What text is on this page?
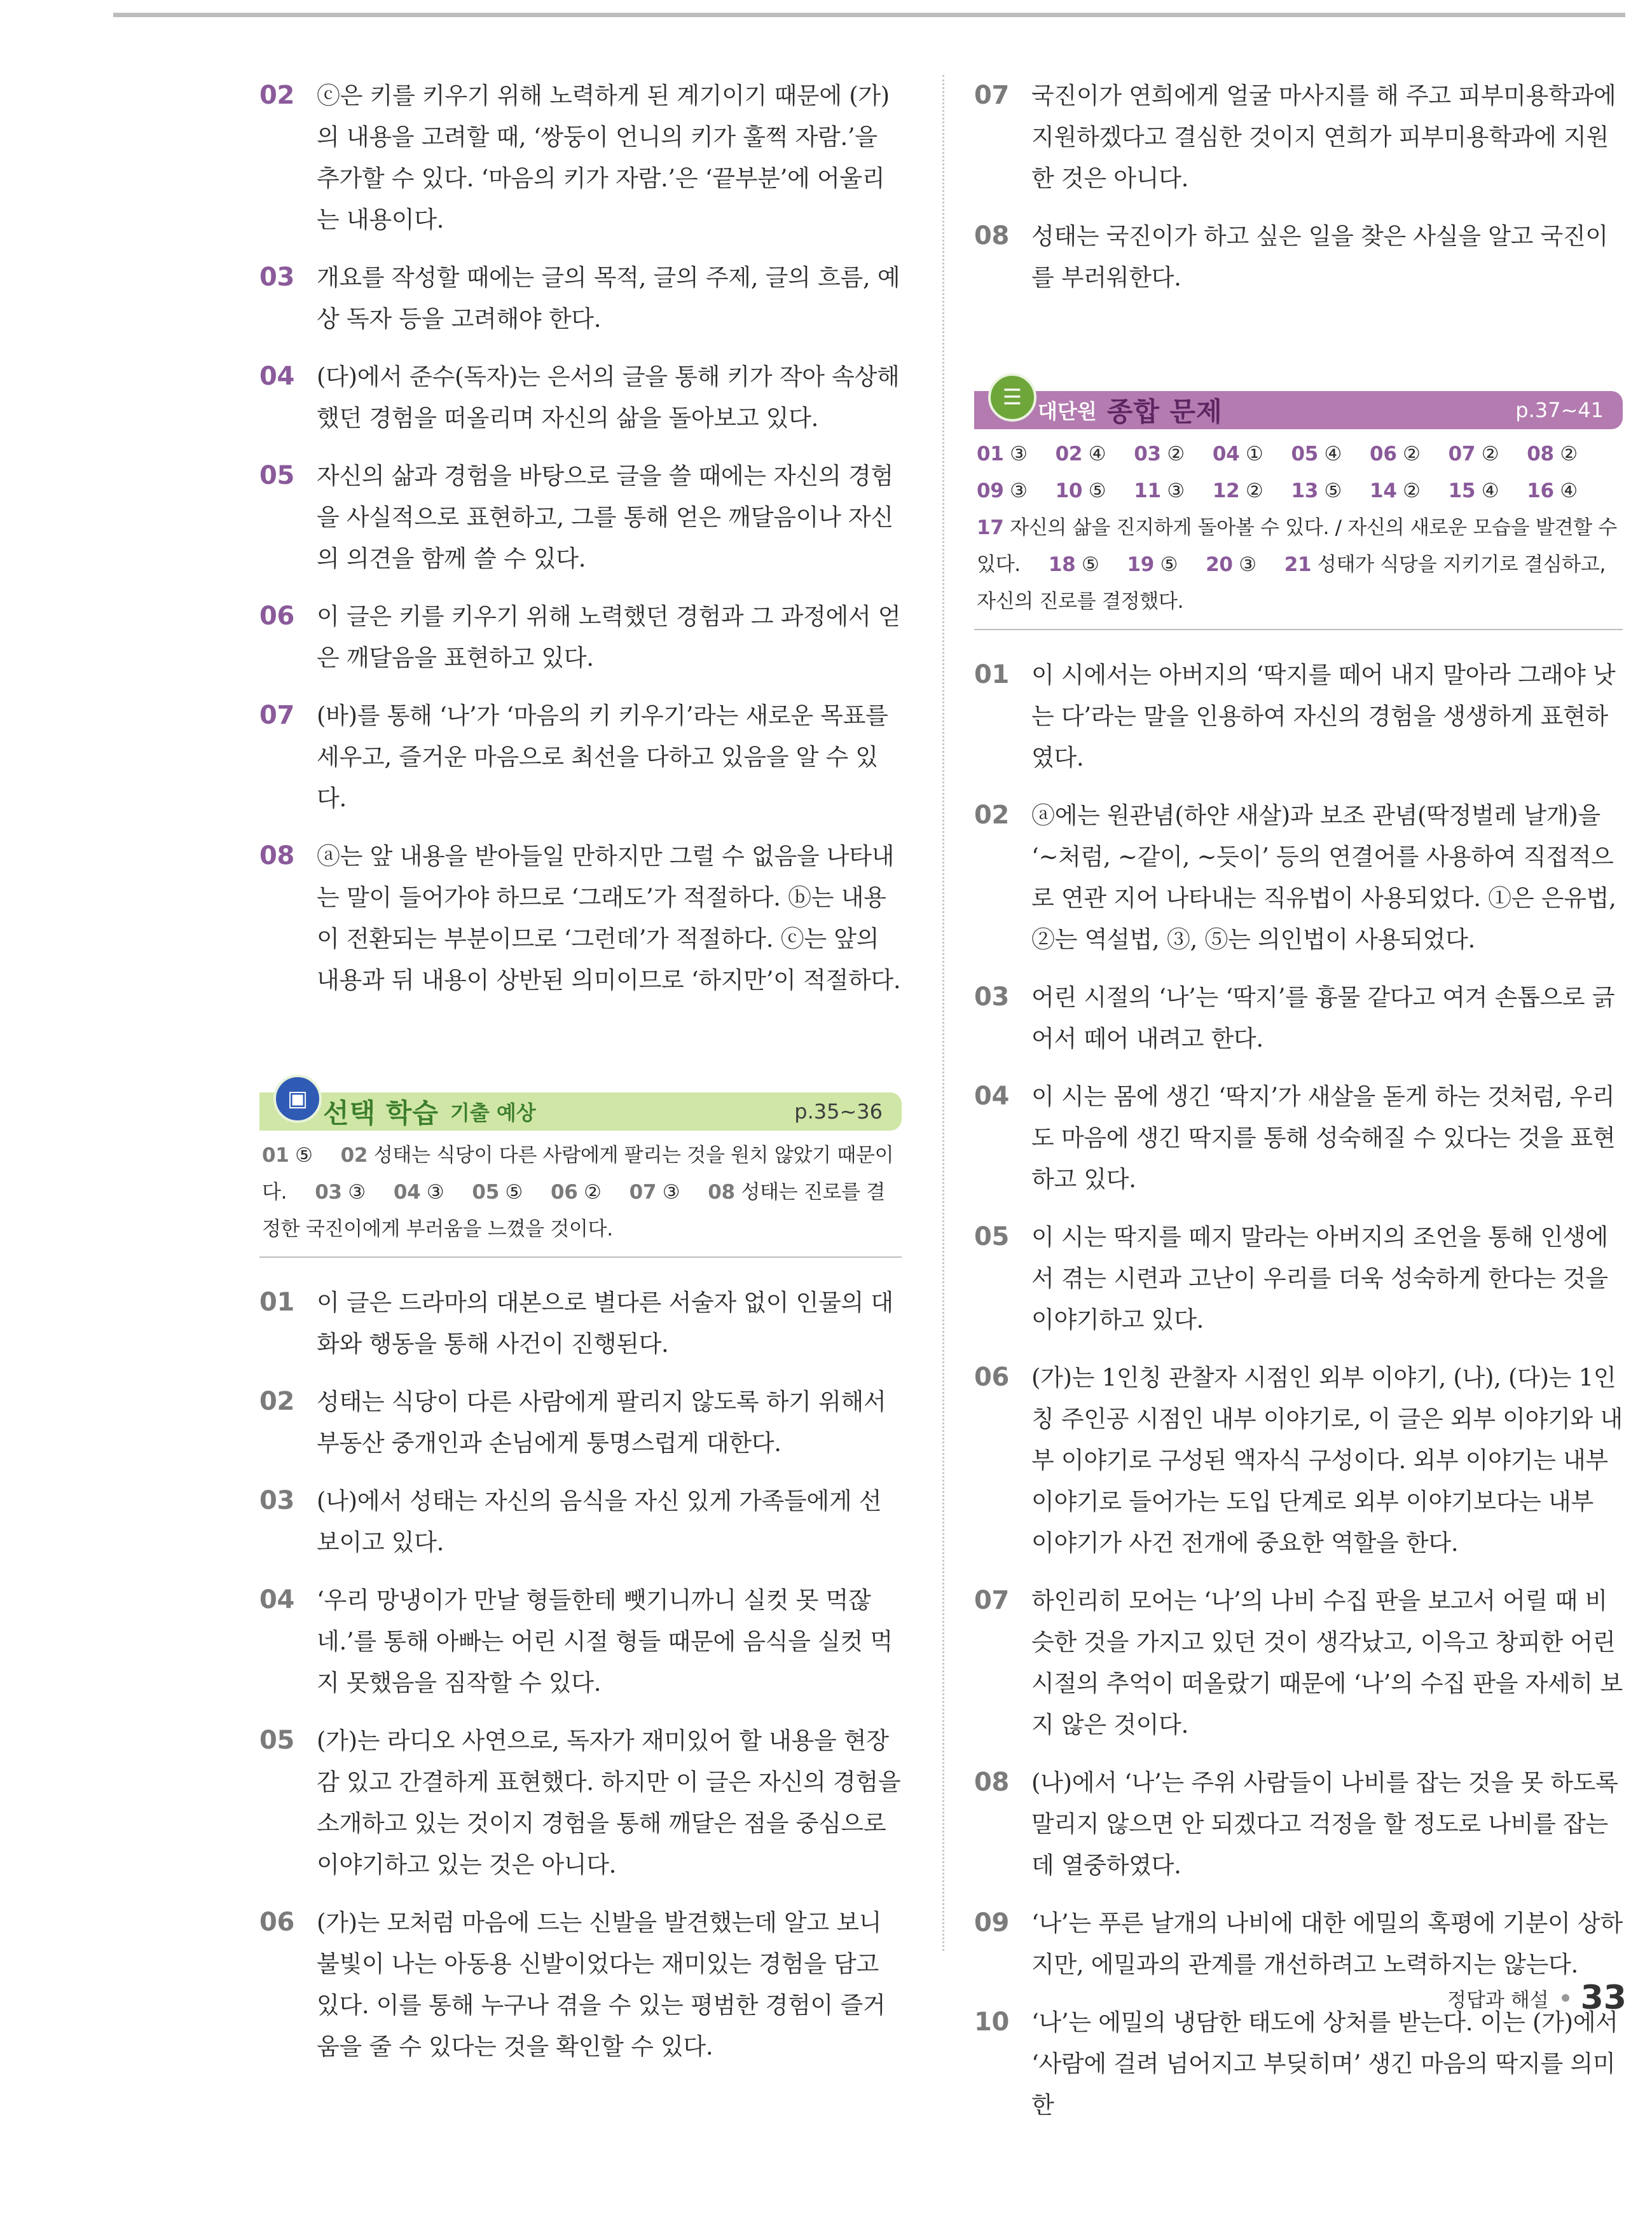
02 ⓒ은 키를 키우기 위해 노력하게 된 계기이기 때문에 (가)의 내용을 고려할 때, ‘쌍둥이 언니의 키가 훌쩍 자람.’을 추가할 수 있다. ‘마음의 키가 자람.’은 ‘끝부분’에 어울리는 내용이다.
03 개요를 작성할 때에는 글의 목적, 글의 주제, 글의 흐름, 예상 독자 등을 고려해야 한다.
04 (다)에서 준수(독자)는 은서의 글을 통해 키가 작아 속상해했던 경험을 떠올리며 자신의 삶을 돌아보고 있다.
05 자신의 삶과 경험을 바탕으로 글을 쓸 때에는 자신의 경험을 사실적으로 표현하고, 그를 통해 얻은 깨달음이나 자신의 의견을 함께 쓸 수 있다.
06 이 글은 키를 키우기 위해 노력했던 경험과 그 과정에서 얻은 깨달음을 표현하고 있다.
07 (바)를 통해 ‘나’가 ‘마음의 키 키우기’라는 새로운 목표를 세우고, 즐거운 마음으로 최선을 다하고 있음을 알 수 있다.
08 ⓐ는 앞 내용을 받아들일 만하지만 그럴 수 없음을 나타내는 말이 들어가야 하므로 ‘그래도’가 적절하다. ⓑ는 내용이 전환되는 부분이므로 ‘그런데’가 적절하다. ⓒ는 앞의 내용과 뒤 내용이 상반된 의미이므로 ‘하지만’이 적절하다.
▣ 선택 학습 기출 예상	p.35~36
01 ⑤ 02 성태는 식당이 다른 사람에게 팔리는 것을 원치 않았기 때문이다. 03 ③ 04 ③ 05 ⑤ 06 ② 07 ③ 08 성태는 진로를 결정한 국진이에게 부러움을 느꼈을 것이다.
01 이 글은 드라마의 대본으로 별다른 서술자 없이 인물의 대화와 행동을 통해 사건이 진행된다.
02 성태는 식당이 다른 사람에게 팔리지 않도록 하기 위해서 부동산 중개인과 손님에게 퉁명스럽게 대한다.
03 (나)에서 성태는 자신의 음식을 자신 있게 가족들에게 선보이고 있다.
04 ‘우리 망냉이가 만날 형들한테 뺏기니까니 실컷 못 먹잖네.’를 통해 아빠는 어린 시절 형들 때문에 음식을 실컷 먹지 못했음을 짐작할 수 있다.
05 (가)는 라디오 사연으로, 독자가 재미있어 할 내용을 현장감 있고 간결하게 표현했다. 하지만 이 글은 자신의 경험을 소개하고 있는 것이지 경험을 통해 깨달은 점을 중심으로 이야기하고 있는 것은 아니다.
06 (가)는 모처럼 마음에 드는 신발을 발견했는데 알고 보니 불빛이 나는 아동용 신발이었다는 재미있는 경험을 담고 있다. 이를 통해 누구나 겪을 수 있는 평범한 경험이 즐거움을 줄 수 있다는 것을 확인할 수 있다.
07 국진이가 연희에게 얼굴 마사지를 해 주고 피부미용학과에 지원하겠다고 결심한 것이지 연희가 피부미용학과에 지원한 것은 아니다.
08 성태는 국진이가 하고 싶은 일을 찾은 사실을 알고 국진이를 부러워한다.
☰
대단원 종합 문제	p.37~41
01 ③ 02 ④ 03 ② 04 ① 05 ④ 06 ② 07 ② 08 ②09 ③ 10 ⑤ 11 ③ 12 ② 13 ⑤ 14 ② 15 ④ 16 ④17 자신의 삶을 진지하게 돌아볼 수 있다. / 자신의 새로운 모습을 발견할 수 있다. 18 ⑤ 19 ⑤ 20 ③ 21 성태가 식당을 지키기로 결심하고, 자신의 진로를 결정했다.
01 이 시에서는 아버지의 ‘딱지를 떼어 내지 말아라 그래야 낫는 다’라는 말을 인용하여 자신의 경험을 생생하게 표현하였다.
02 ⓐ에는 원관념(하얀 새살)과 보조 관념(딱정벌레 날개)을 ‘~처럼, ~같이, ~듯이’ 등의 연결어를 사용하여 직접적으로 연관 지어 나타내는 직유법이 사용되었다. ①은 은유법, ②는 역설법, ③, ⑤는 의인법이 사용되었다.
03 어린 시절의 ‘나’는 ‘딱지’를 흉물 같다고 여겨 손톱으로 긁어서 떼어 내려고 한다.
04 이 시는 몸에 생긴 ‘딱지’가 새살을 돋게 하는 것처럼, 우리도 마음에 생긴 딱지를 통해 성숙해질 수 있다는 것을 표현하고 있다.
05 이 시는 딱지를 떼지 말라는 아버지의 조언을 통해 인생에서 겪는 시련과 고난이 우리를 더욱 성숙하게 한다는 것을 이야기하고 있다.
06 (가)는 1인칭 관찰자 시점인 외부 이야기, (나), (다)는 1인칭 주인공 시점인 내부 이야기로, 이 글은 외부 이야기와 내부 이야기로 구성된 액자식 구성이다. 외부 이야기는 내부 이야기로 들어가는 도입 단계로 외부 이야기보다는 내부 이야기가 사건 전개에 중요한 역할을 한다.
07 하인리히 모어는 ‘나’의 나비 수집 판을 보고서 어릴 때 비슷한 것을 가지고 있던 것이 생각났고, 이윽고 창피한 어린 시절의 추억이 떠올랐기 때문에 ‘나’의 수집 판을 자세히 보지 않은 것이다.
08 (나)에서 ‘나’는 주위 사람들이 나비를 잡는 것을 못 하도록 말리지 않으면 안 되겠다고 걱정을 할 정도로 나비를 잡는 데 열중하였다.
09 ‘나’는 푸른 날개의 나비에 대한 에밀의 혹평에 기분이 상하지만, 에밀과의 관계를 개선하려고 노력하지는 않는다.
10 ‘나’는 에밀의 냉담한 태도에 상처를 받는다. 이는 (가)에서 ‘사람에 걸려 넘어지고 부딪히며’ 생긴 마음의 딱지를 의미한
정답과 해설 33
